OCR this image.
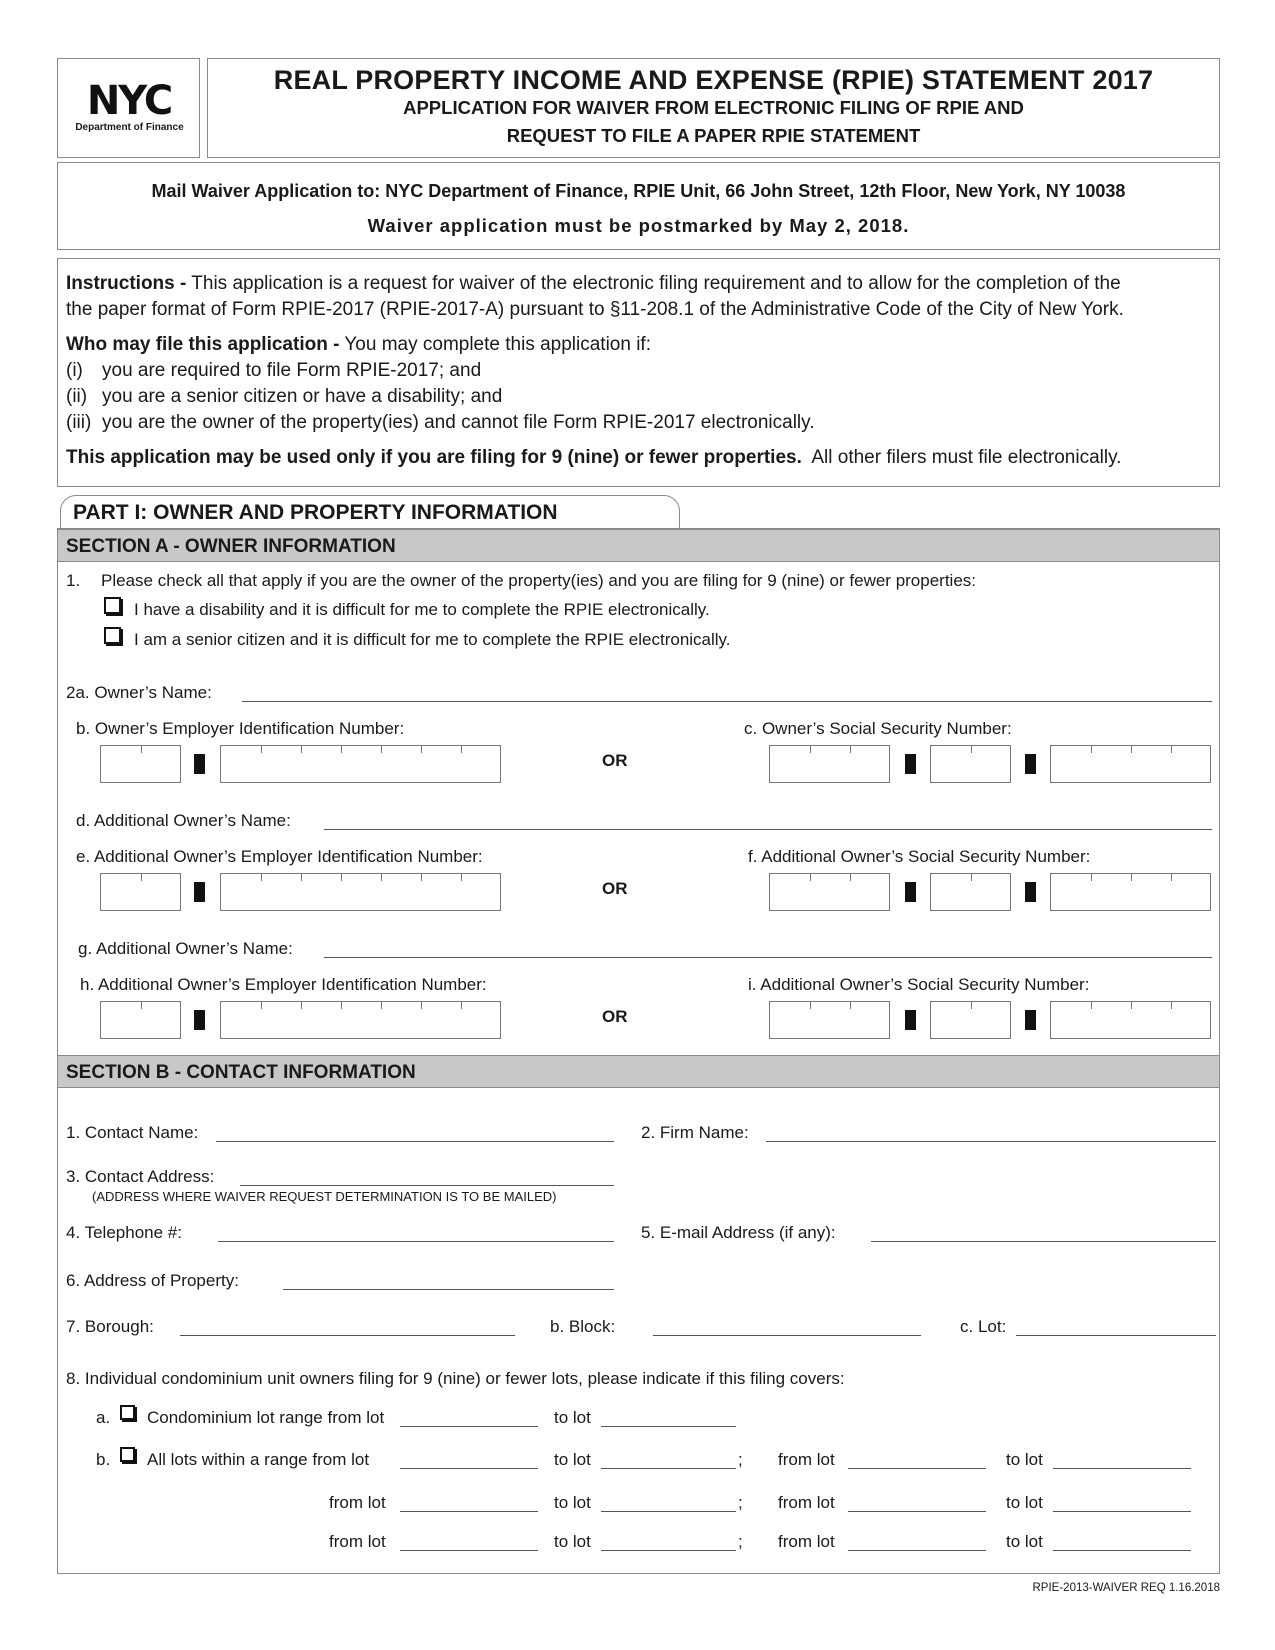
NYC
Department of Finance
REAL PROPERTY INCOME AND EXPENSE (RPIE) STATEMENT 2017
APPLICATION FOR WAIVER FROM ELECTRONIC FILING OF RPIE AND
REQUEST TO FILE A PAPER RPIE STATEMENT
Mail Waiver Application to: NYC Department of Finance, RPIE Unit, 66 John Street, 12th Floor, New York, NY 10038
Waiver application must be postmarked by May 2, 2018.
Instructions - This application is a request for waiver of the electronic filing requirement and to allow for the completion of the
the paper format of Form RPIE-2017 (RPIE-2017-A) pursuant to §11-208.1 of the Administrative Code of the City of New York.
Who may file this application - You may complete this application if:
(i) you are required to file Form RPIE-2017; and
(ii) you are a senior citizen or have a disability; and
(iii) you are the owner of the property(ies) and cannot file Form RPIE-2017 electronically.
This application may be used only if you are filing for 9 (nine) or fewer properties. All other filers must file electronically.
PART I: OWNER AND PROPERTY INFORMATION
SECTION A - OWNER INFORMATION
1. Please check all that apply if you are the owner of the property(ies) and you are filing for 9 (nine) or fewer properties:
I have a disability and it is difficult for me to complete the RPIE electronically.
I am a senior citizen and it is difficult for me to complete the RPIE electronically.
2a. Owner’s Name:
b. Owner’s Employer Identification Number:	c. Owner’s Social Security Number:
OR
d. Additional Owner’s Name:
e. Additional Owner’s Employer Identification Number:	f. Additional Owner’s Social Security Number:
OR
g. Additional Owner’s Name:
h. Additional Owner’s Employer Identification Number:	i. Additional Owner’s Social Security Number:
OR
SECTION B - CONTACT INFORMATION
1. Contact Name:	2. Firm Name:
3. Contact Address:
(ADDRESS WHERE WAIVER REQUEST DETERMINATION IS TO BE MAILED)
4. Telephone #:	5. E-mail Address (if any):
6. Address of Property:
7. Borough:	b. Block:	c. Lot:
8. Individual condominium unit owners filing for 9 (nine) or fewer lots, please indicate if this filing covers:
a. Condominium lot range from lot	to lot
b. All lots within a range from lot	to lot	; from lot	to lot
from lot	to lot	; from lot	to lot
from lot	to lot	; from lot	to lot
RPIE-2013-WAIVER REQ 1.16.2018
